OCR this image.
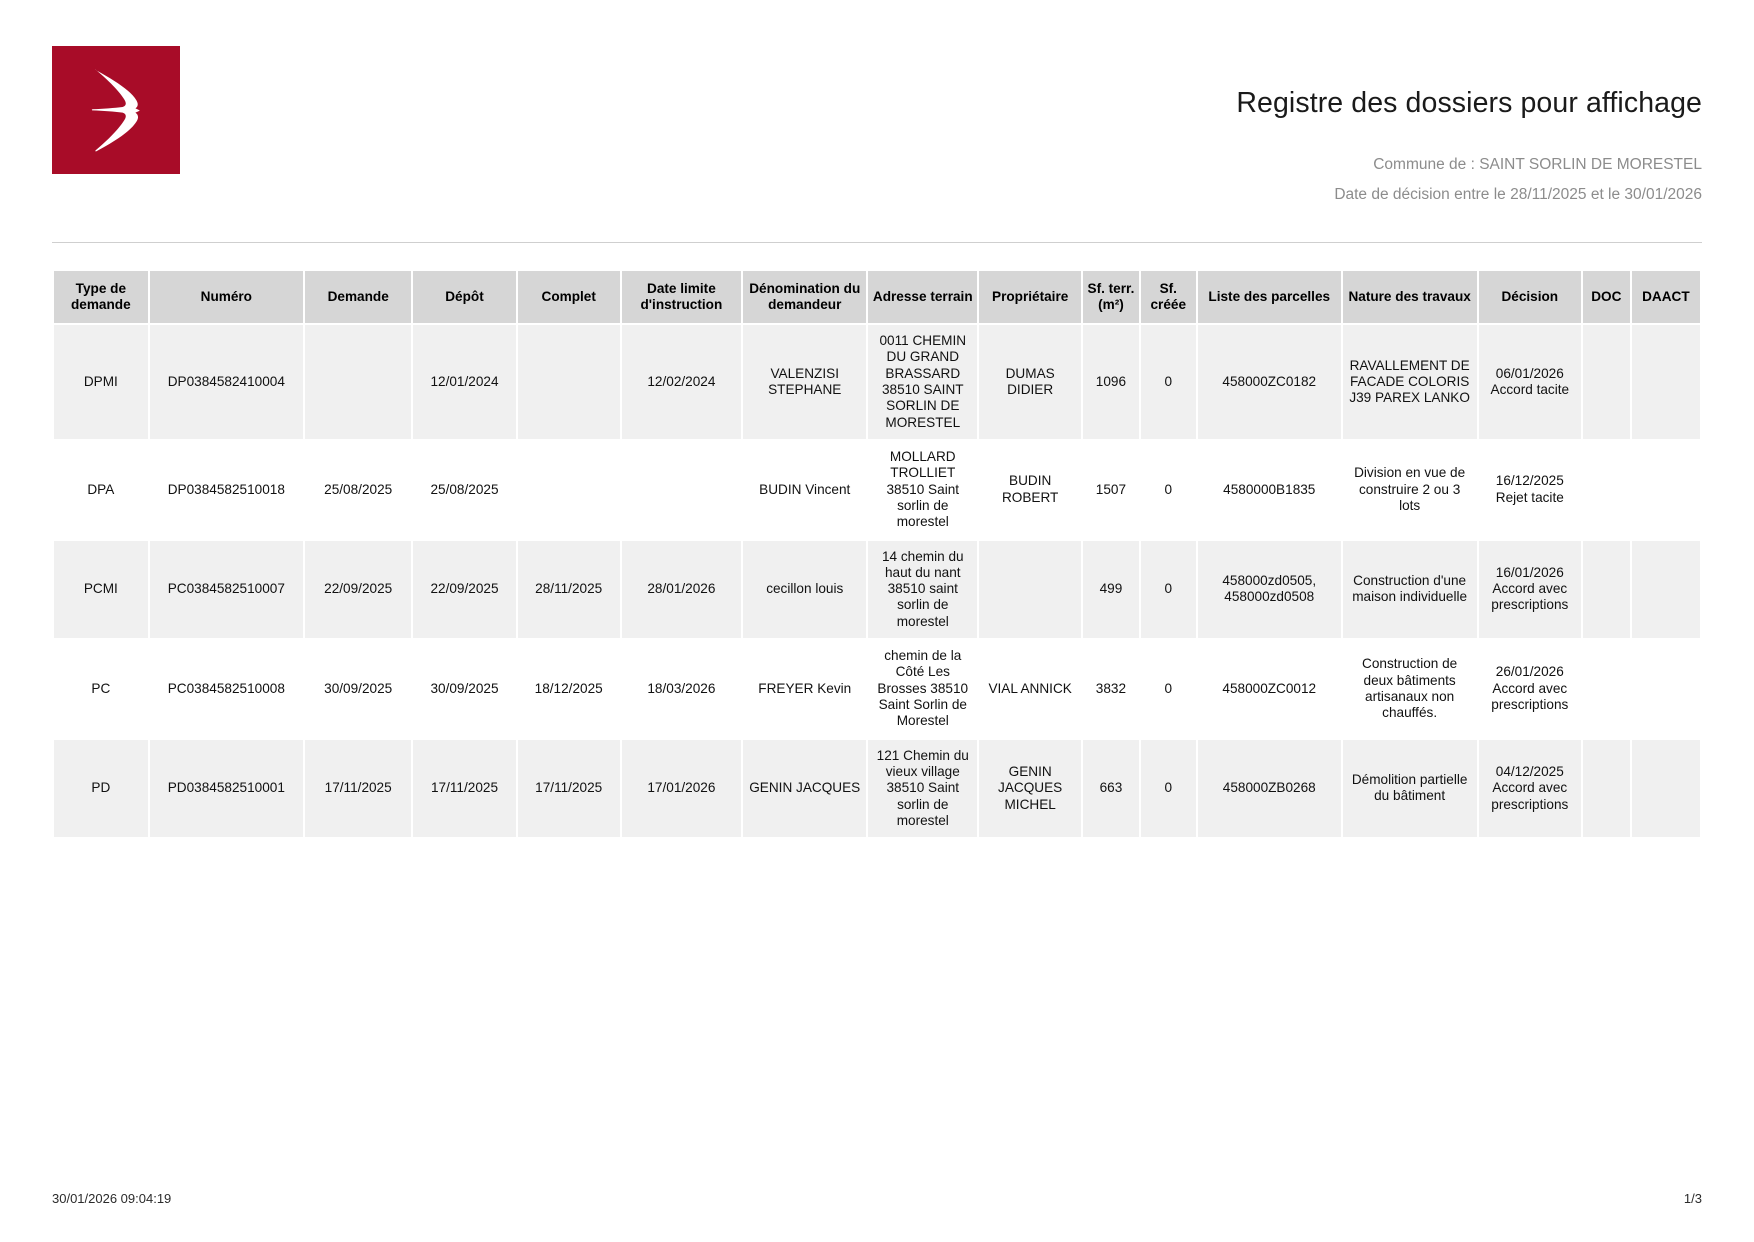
Registre des dossiers pour affichage

Commune de : SAINT SORLIN DE MORESTEL

Date de décision entre le 28/11/2025 et le 30/01/2026

Type de demande	Numéro	Demande	Dépôt	Complet	Date limite d'instruction	Dénomination du demandeur	Adresse terrain	Propriétaire	Sf. terr. (m²)	Sf. créée	Liste des parcelles	Nature des travaux	Décision	DOC	DAACT
DPMI	DP0384582410004		12/01/2024		12/02/2024	VALENZISI STEPHANE	0011 CHEMIN DU GRAND BRASSARD 38510 SAINT SORLIN DE MORESTEL	DUMAS DIDIER	1096	0	458000ZC0182	RAVALLEMENT DE FACADE COLORIS J39 PAREX LANKO	06/01/2026 Accord tacite		
DPA	DP0384582510018	25/08/2025	25/08/2025			BUDIN Vincent	MOLLARD TROLLIET 38510 Saint sorlin de morestel	BUDIN ROBERT	1507	0	4580000B1835	Division en vue de construire 2 ou 3 lots	16/12/2025 Rejet tacite		
PCMI	PC0384582510007	22/09/2025	22/09/2025	28/11/2025	28/01/2026	cecillon louis	14 chemin du haut du nant 38510 saint sorlin de morestel		499	0	458000zd0505, 458000zd0508	Construction d'une maison individuelle	16/01/2026 Accord avec prescriptions		
PC	PC0384582510008	30/09/2025	30/09/2025	18/12/2025	18/03/2026	FREYER Kevin	chemin de la Côté Les Brosses 38510 Saint Sorlin de Morestel	VIAL ANNICK	3832	0	458000ZC0012	Construction de deux bâtiments artisanaux non chauffés.	26/01/2026 Accord avec prescriptions		
PD	PD0384582510001	17/11/2025	17/11/2025	17/11/2025	17/01/2026	GENIN JACQUES	121 Chemin du vieux village 38510 Saint sorlin de morestel	GENIN JACQUES MICHEL	663	0	458000ZB0268	Démolition partielle du bâtiment	04/12/2025 Accord avec prescriptions		
30/01/2026 09:04:19	1/3
